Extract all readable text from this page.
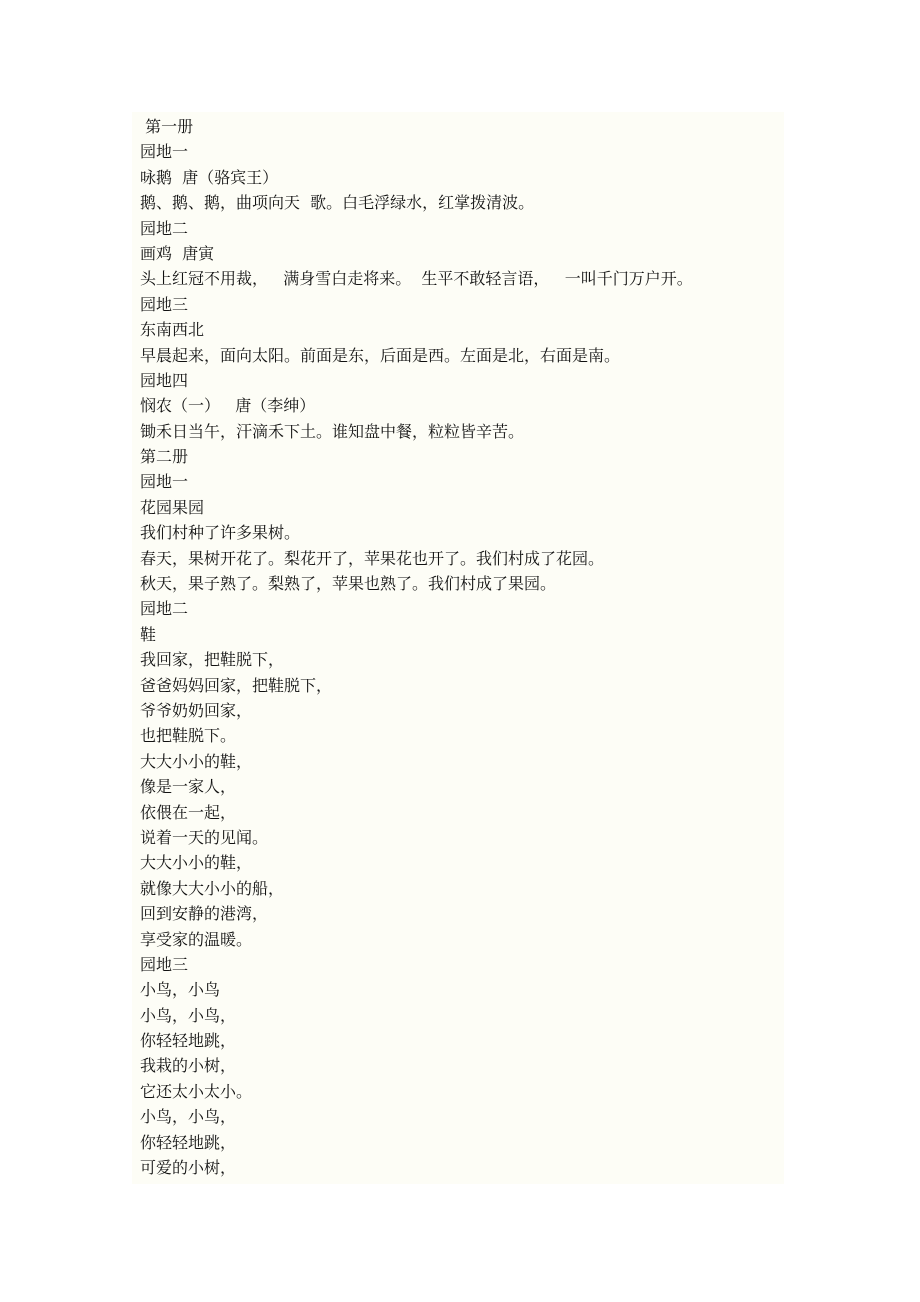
第一册
园地一
咏鹅  唐（骆宾王）
鹅、鹅、鹅，曲项向天  歌。白毛浮绿水，红掌拨清波。
园地二
画鸡  唐寅
头上红冠不用裁，   满身雪白走将来。  生平不敢轻言语，   一叫千门万户开。
园地三
东南西北
早晨起来，面向太阳。前面是东，后面是西。左面是北，右面是南。
园地四
悯农（一）   唐（李绅）
锄禾日当午，汗滴禾下土。谁知盘中餐，粒粒皆辛苦。
第二册
园地一
花园果园
我们村种了许多果树。
春天，果树开花了。梨花开了，苹果花也开了。我们村成了花园。
秋天，果子熟了。梨熟了，苹果也熟了。我们村成了果园。
园地二
鞋
我回家，把鞋脱下，
爸爸妈妈回家，把鞋脱下，
爷爷奶奶回家，
也把鞋脱下。
大大小小的鞋，
像是一家人，
依偎在一起，
说着一天的见闻。
大大小小的鞋，
就像大大小小的船，
回到安静的港湾，
享受家的温暖。
园地三
小鸟，小鸟
小鸟，小鸟，
你轻轻地跳，
我栽的小树，
它还太小太小。
小鸟，小鸟，
你轻轻地跳，
可爱的小树，
